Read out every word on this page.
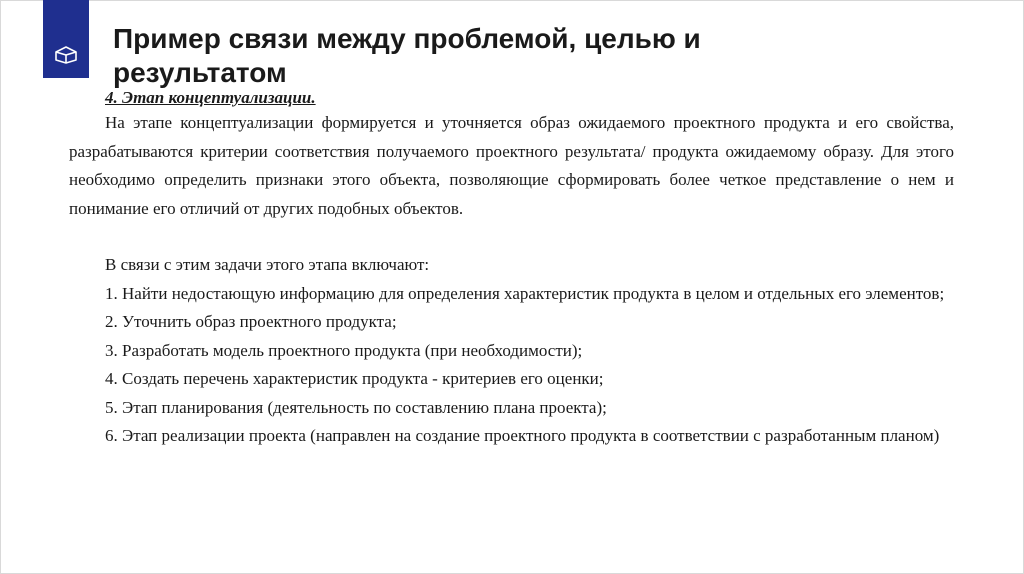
Пример связи между проблемой, целью и результатом

4. Этап концептуализации.

На этапе концептуализации формируется и уточняется образ ожидаемого проектного продукта и его свойства, разрабатываются критерии соответствия получаемого проектного результата/ продукта ожидаемому образу. Для этого необходимо определить признаки этого объекта, позволяющие сформировать более четкое представление о нем и понимание его отличий от других подобных объектов.

В связи с этим задачи этого этапа включают:

1. Найти недостающую информацию для определения характеристик продукта в целом и отдельных его элементов;
2. Уточнить образ проектного продукта;
3. Разработать модель проектного продукта (при необходимости);
4. Создать перечень характеристик продукта - критериев его оценки;
5. Этап планирования (деятельность по составлению плана проекта);
6. Этап реализации проекта (направлен на создание проектного продукта в соответствии с разработанным планом)
